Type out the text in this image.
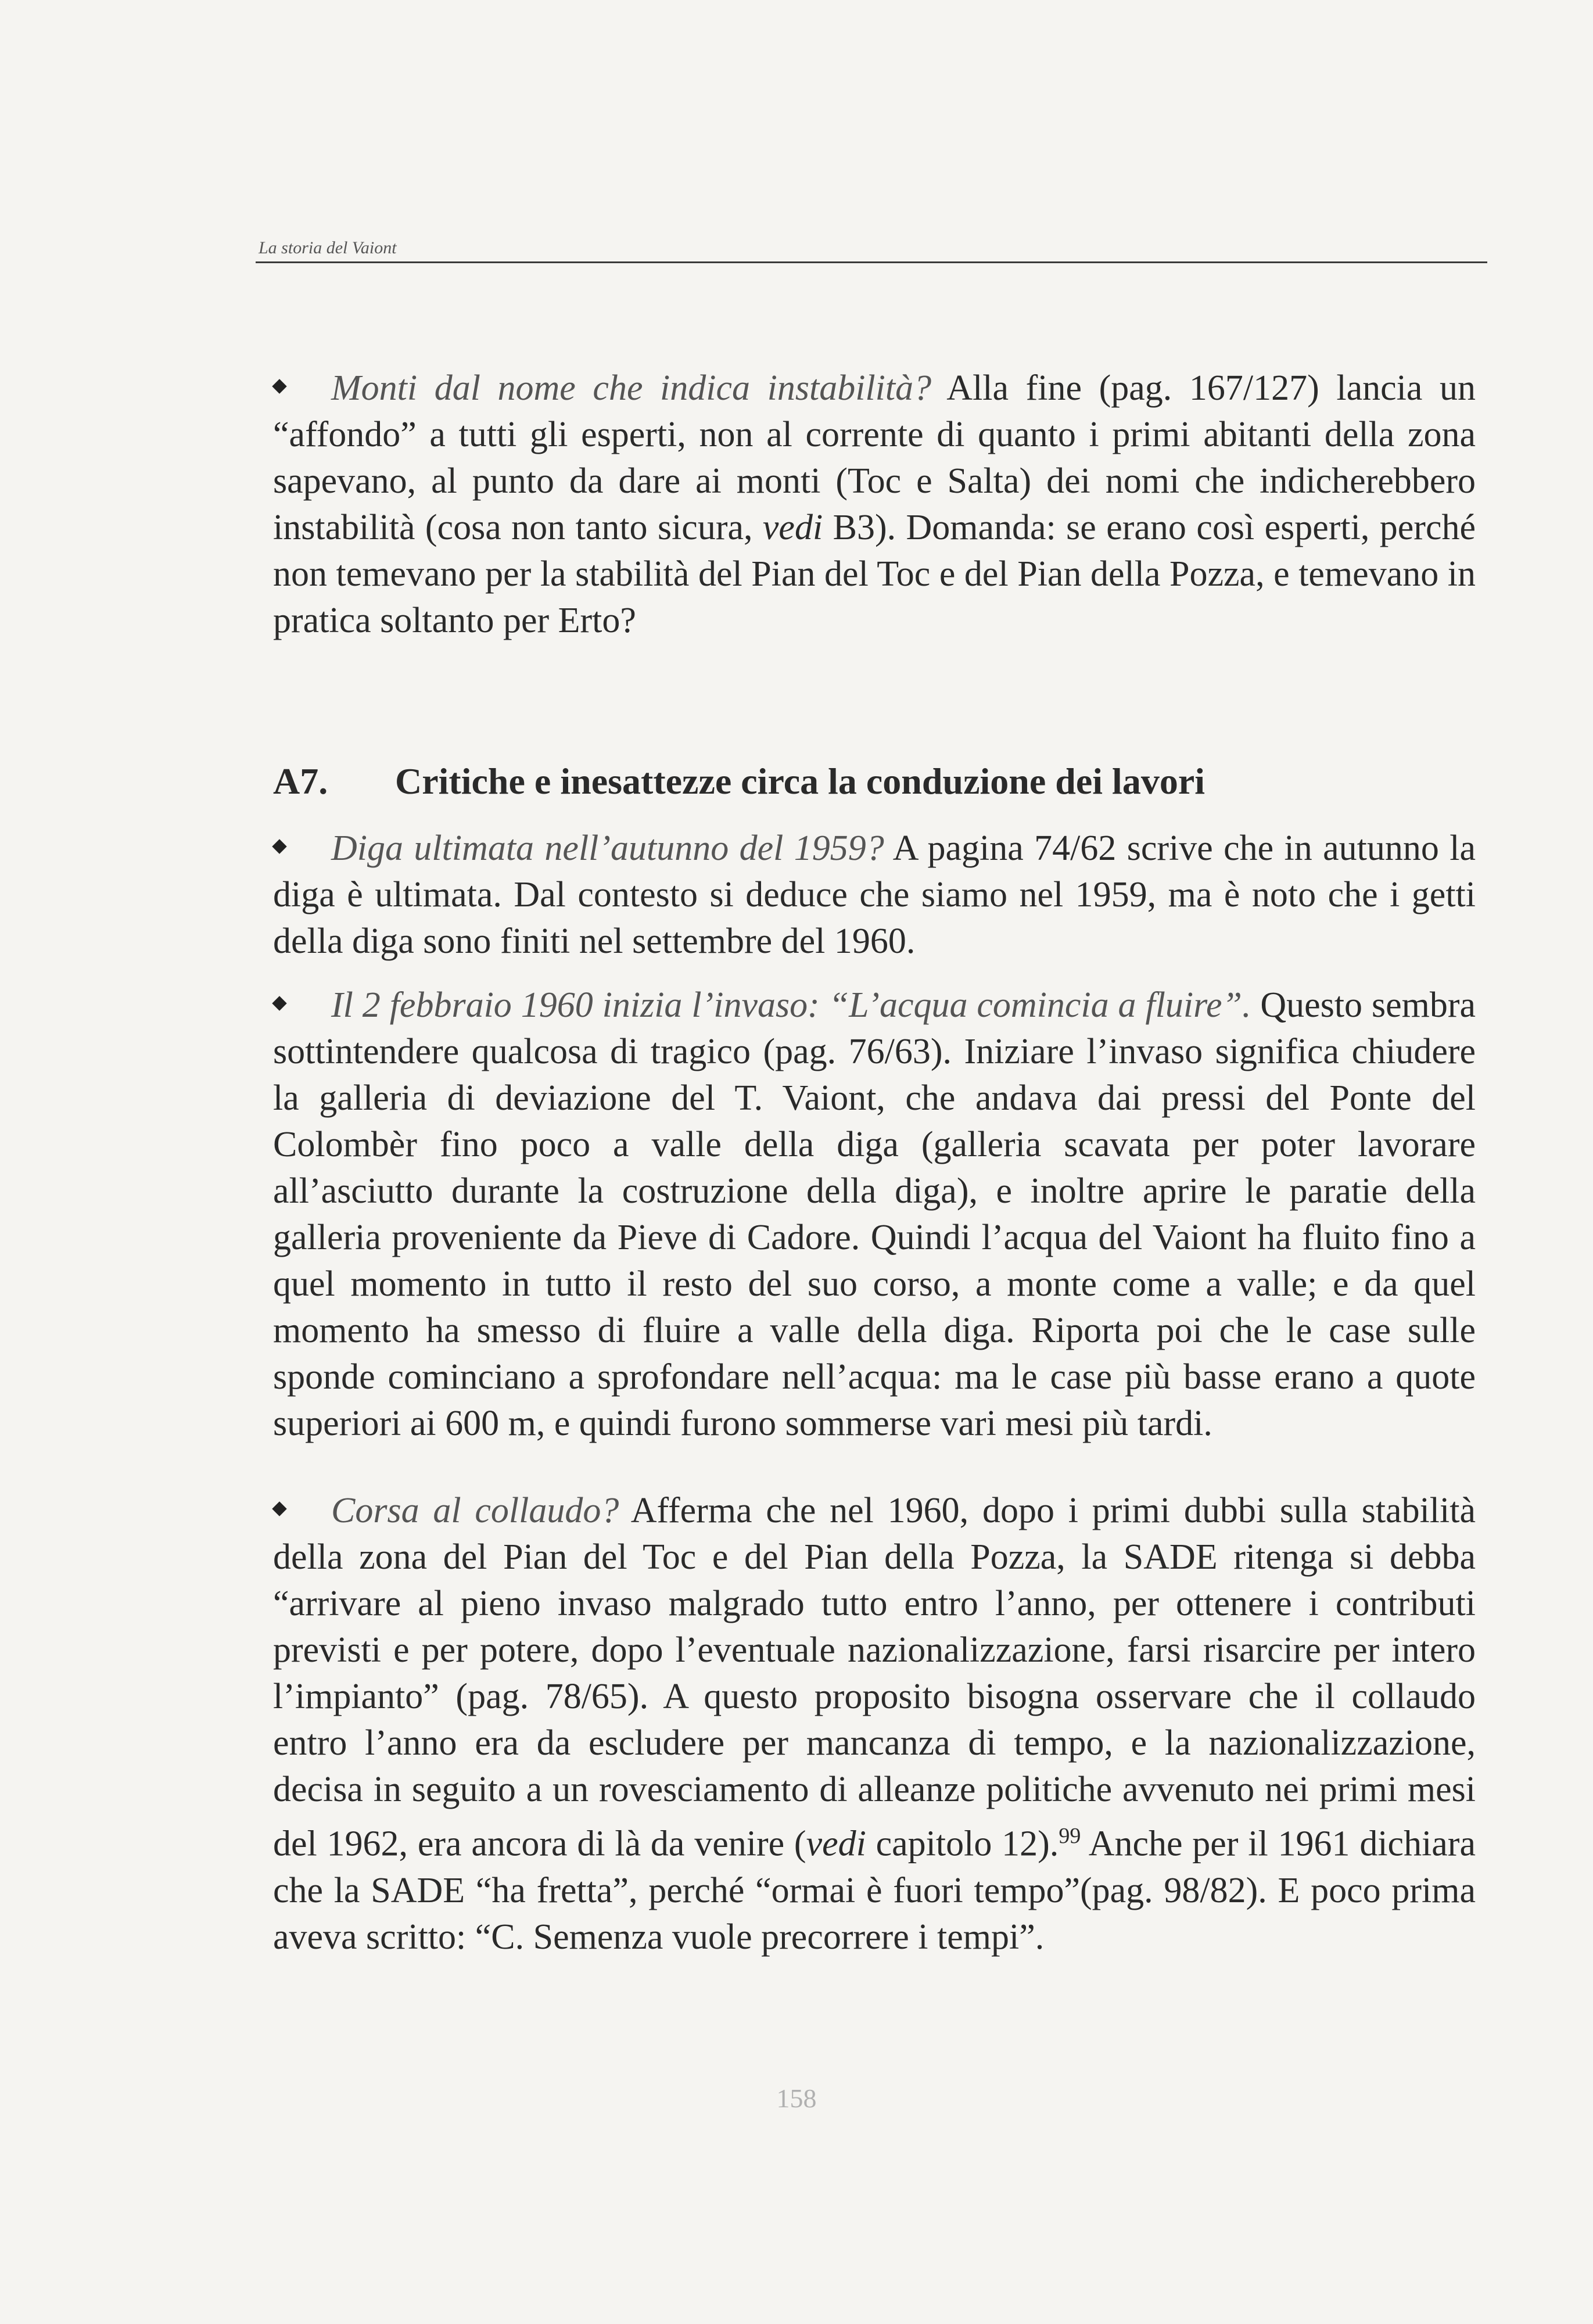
La storia del Vaiont
Monti dal nome che indica instabilità? Alla fine (pag. 167/127) lancia un “affondo” a tutti gli esperti, non al corrente di quanto i primi abitanti della zona sapevano, al punto da dare ai monti (Toc e Salta) dei nomi che indicherebbero instabilità (cosa non tanto sicura, vedi B3). Domanda: se erano così esperti, perché non temevano per la stabilità del Pian del Toc e del Pian della Pozza, e temevano in pratica soltanto per Erto?
A7. Critiche e inesattezze circa la conduzione dei lavori
Diga ultimata nell’autunno del 1959? A pagina 74/62 scrive che in autunno la diga è ultimata. Dal contesto si deduce che siamo nel 1959, ma è noto che i getti della diga sono finiti nel settembre del 1960.
Il 2 febbraio 1960 inizia l’invaso: “L’acqua comincia a fluire”. Questo sembra sottintendere qualcosa di tragico (pag. 76/63). Iniziare l’invaso significa chiudere la galleria di deviazione del T. Vaiont, che andava dai pressi del Ponte del Colombèr fino poco a valle della diga (galleria scavata per poter lavorare all’asciutto durante la costruzione della diga), e inoltre aprire le paratie della galleria proveniente da Pieve di Cadore. Quindi l’acqua del Vaiont ha fluito fino a quel momento in tutto il resto del suo corso, a monte come a valle; e da quel momento ha smesso di fluire a valle della diga. Riporta poi che le case sulle sponde cominciano a sprofondare nell’acqua: ma le case più basse erano a quote superiori ai 600 m, e quindi furono sommerse vari mesi più tardi.
Corsa al collaudo? Afferma che nel 1960, dopo i primi dubbi sulla stabilità della zona del Pian del Toc e del Pian della Pozza, la SADE ritenga si debba “arrivare al pieno invaso malgrado tutto entro l’anno, per ottenere i contributi previsti e per potere, dopo l’eventuale nazionalizzazione, farsi risarcire per intero l’impianto” (pag. 78/65). A questo proposito bisogna osservare che il collaudo entro l’anno era da escludere per mancanza di tempo, e la nazionalizzazione, decisa in seguito a un rovesciamento di alleanze politiche avvenuto nei primi mesi del 1962, era ancora di là da venire (vedi capitolo 12).$^{99}$ Anche per il 1961 dichiara che la SADE “ha fretta”, perché “ormai è fuori tempo”(pag. 98/82). E poco prima aveva scritto: “C. Semenza vuole precorrere i tempi”.
158
